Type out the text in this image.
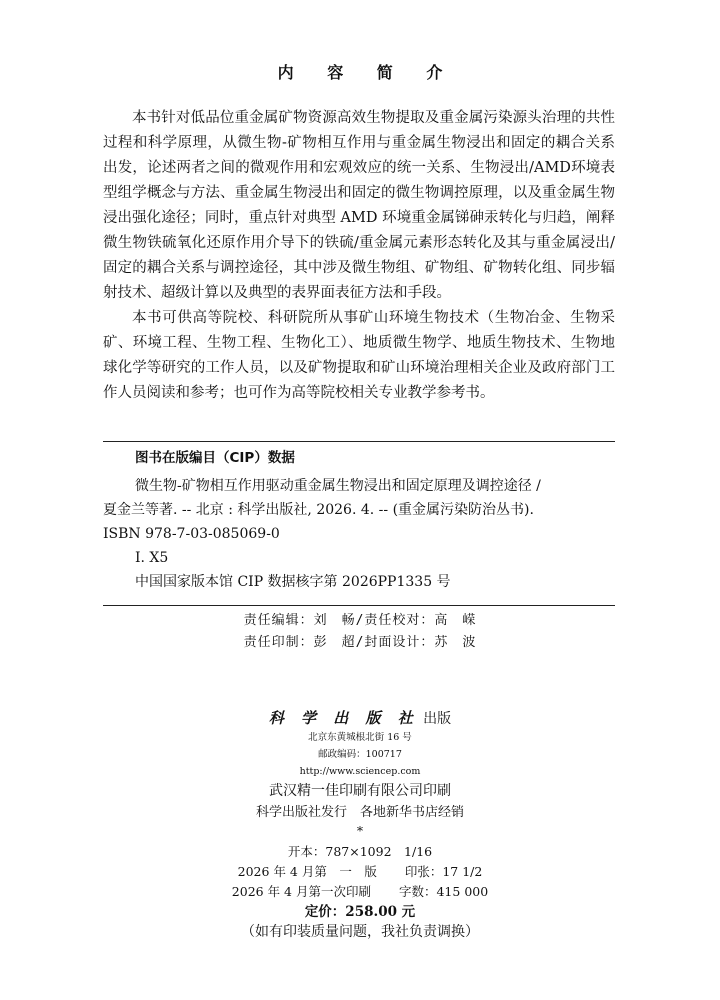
内 容 简 介

本书针对低品位重金属矿物资源高效生物提取及重金属污染源头治理的共性过程和科学原理，从微生物-矿物相互作用与重金属生物浸出和固定的耦合关系出发，论述两者之间的微观作用和宏观效应的统一关系、生物浸出/AMD环境表型组学概念与方法、重金属生物浸出和固定的微生物调控原理，以及重金属生物浸出强化途径；同时，重点针对典型 AMD 环境重金属锑砷汞转化与归趋，阐释微生物铁硫氧化还原作用介导下的铁硫/重金属元素形态转化及其与重金属浸出/固定的耦合关系与调控途径，其中涉及微生物组、矿物组、矿物转化组、同步辐射技术、超级计算以及典型的表界面表征方法和手段。

本书可供高等院校、科研院所从事矿山环境生物技术（生物冶金、生物采矿、环境工程、生物工程、生物化工）、地质微生物学、地质生物技术、生物地球化学等研究的工作人员，以及矿物提取和矿山环境治理相关企业及政府部门工作人员阅读和参考；也可作为高等院校相关专业教学参考书。

图书在版编目（CIP）数据
微生物-矿物相互作用驱动重金属生物浸出和固定原理及调控途径 /
夏金兰等著. -- 北京 : 科学出版社, 2026. 4. -- (重金属污染防治丛书).
ISBN 978-7-03-085069-0
I. X5
中国国家版本馆 CIP 数据核字第 2026PP1335 号
责任编辑：刘　畅/责任校对：高　嵘
责任印制：彭　超/封面设计：苏　波
科 学 出 版 社 出版
北京东黄城根北街 16 号
邮政编码：100717
http://www.sciencep.com
武汉精一佳印刷有限公司印刷
科学出版社发行　各地新华书店经销
*
开本：787×1092　1/16
2026 年 4 月第　一　版 印张：17 1/2
2026 年 4 月第一次印刷 字数：415 000
定价：258.00 元
（如有印装质量问题，我社负责调换）
